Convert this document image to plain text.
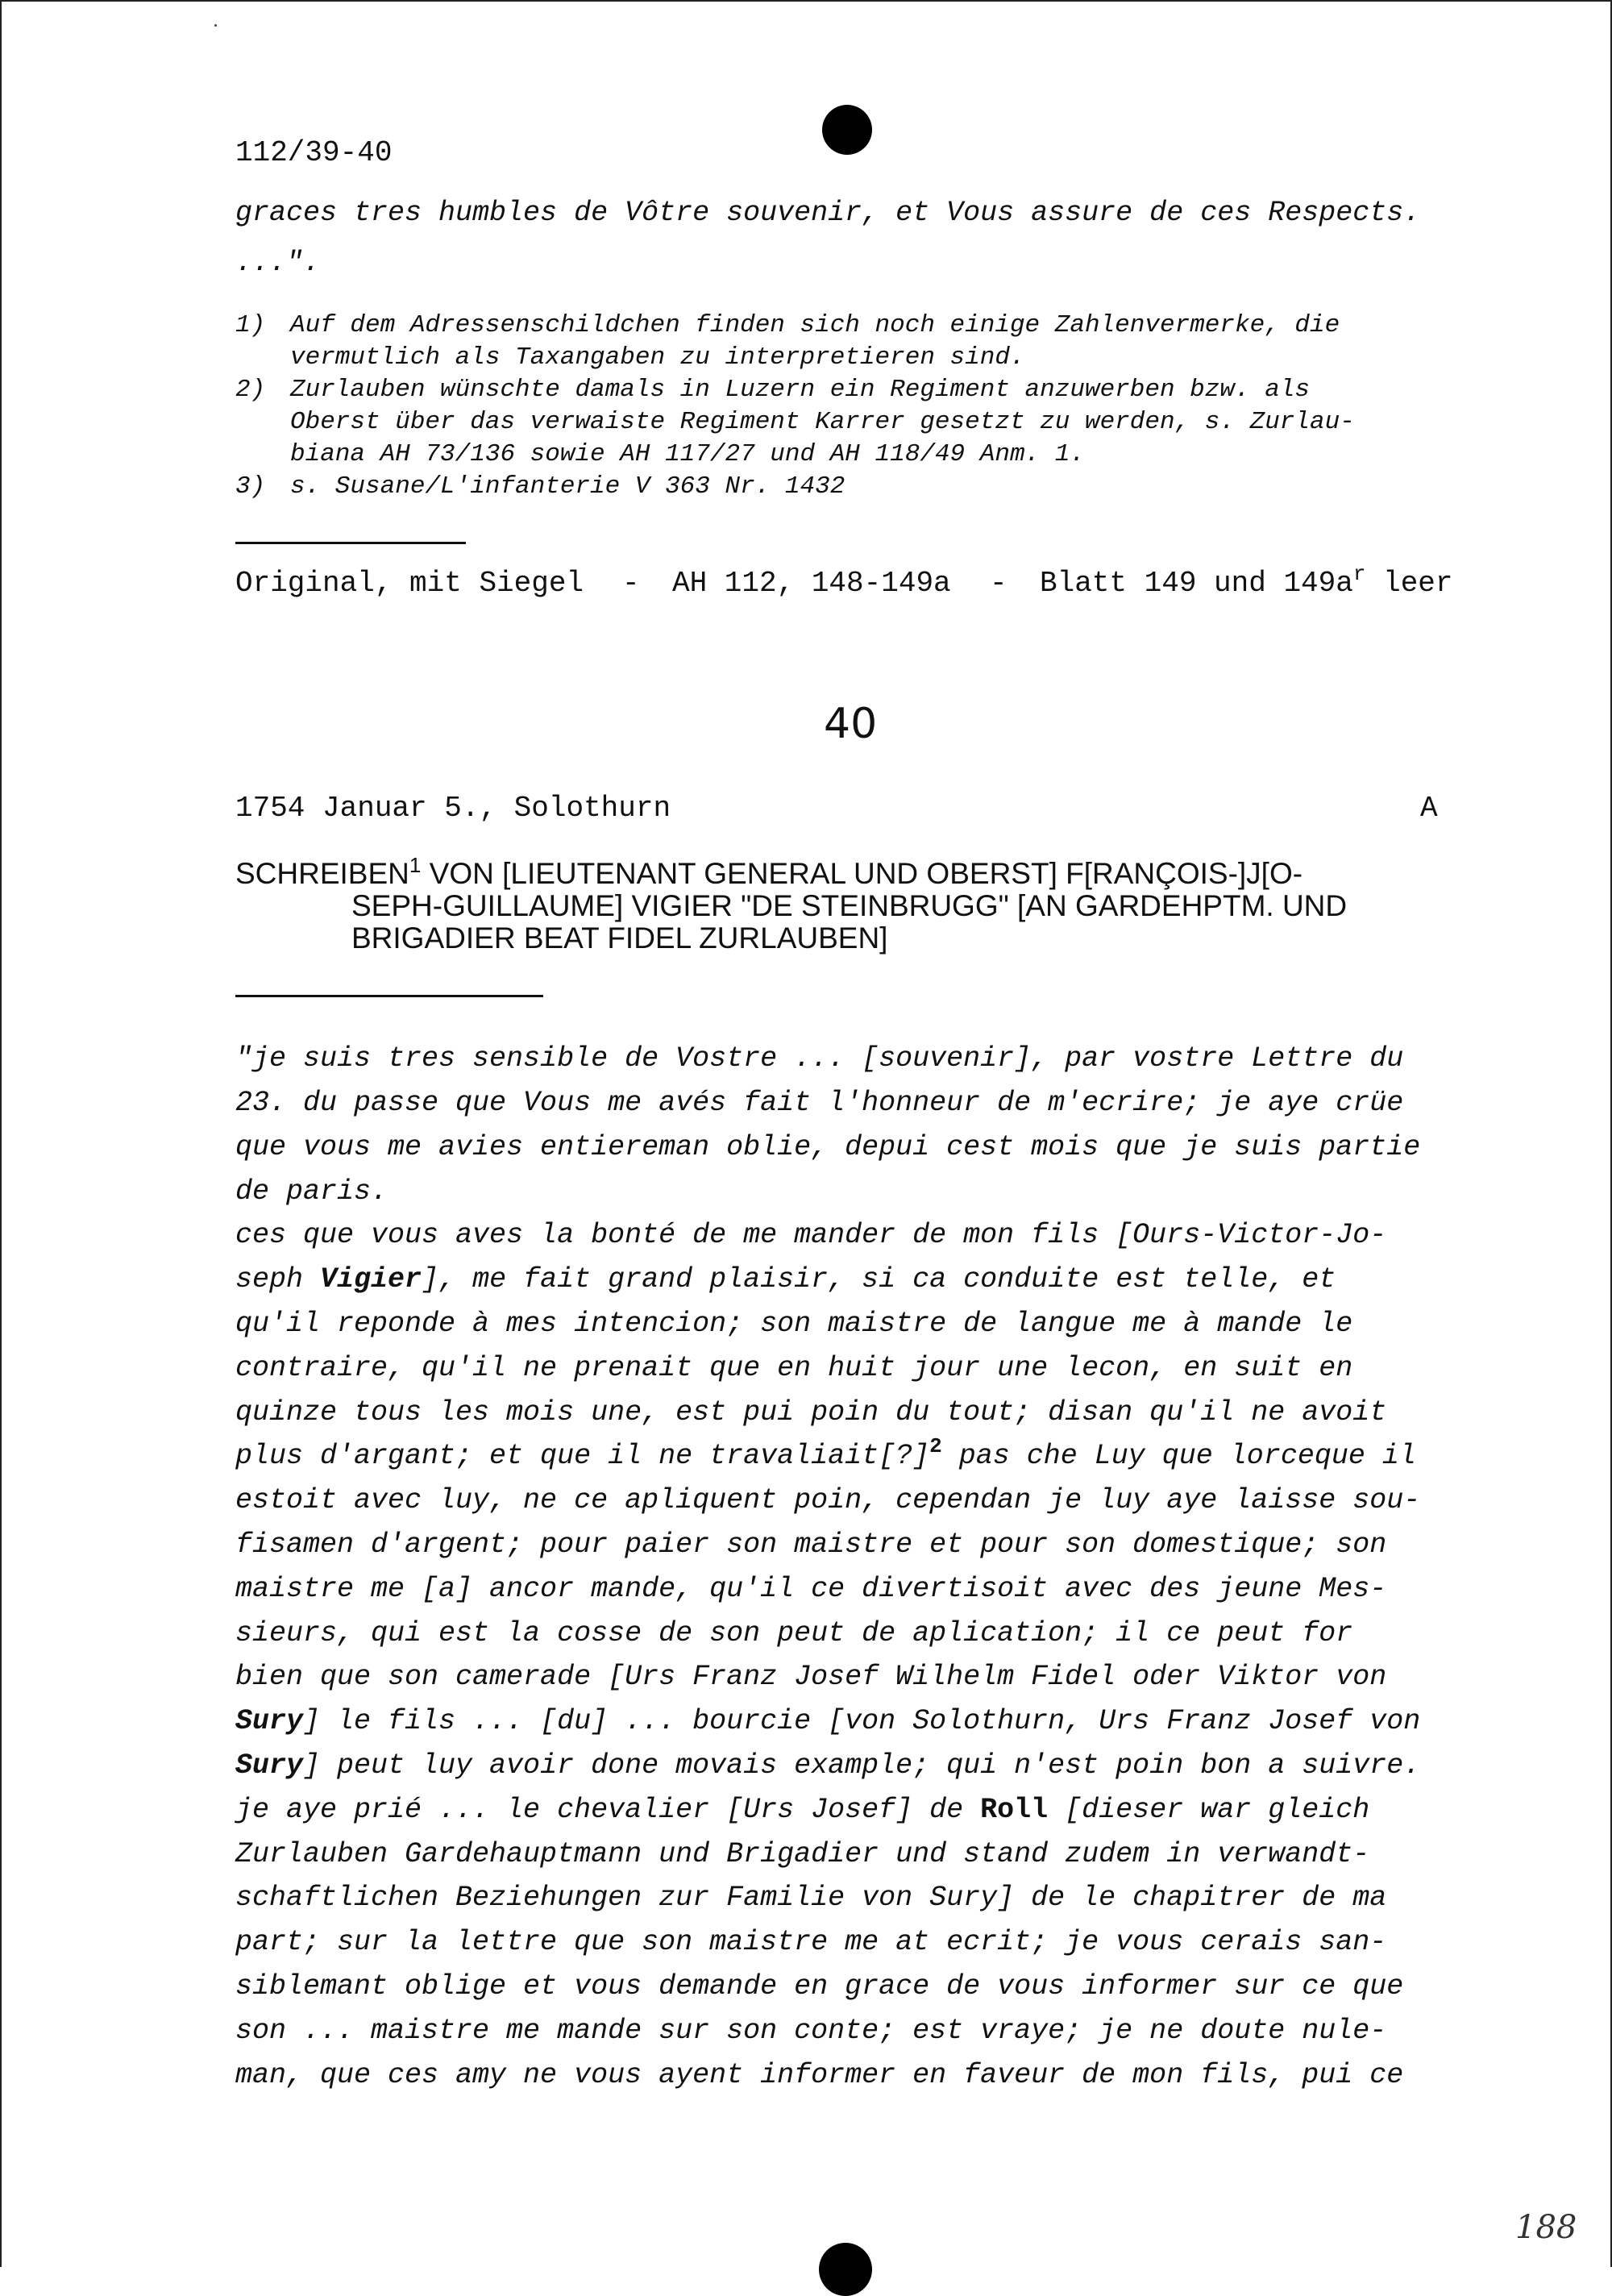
112/39-40
graces tres humbles de Vôtre souvenir, et Vous assure de ces Respects.
...".
1) Auf dem Adressenschildchen finden sich noch einige Zahlenvermerke, die
vermutlich als Taxangaben zu interpretieren sind.
2) Zurlauben wünschte damals in Luzern ein Regiment anzuwerben bzw. als
Oberst über das verwaiste Regiment Karrer gesetzt zu werden, s. Zurlau-
biana AH 73/136 sowie AH 117/27 und AH 118/49 Anm. 1.
3) s. Susane/L'infanterie V 363 Nr. 1432
Original, mit Siegel - AH 112, 148-149a - Blatt 149 und $149a^r$ leer
40
1754 Januar 5., Solothurn	A
SCHREIBEN$^1$ VON [LIEUTENANT GENERAL UND OBERST] F[RANÇOIS-]J[O-
SEPH-GUILLAUME] VIGIER "DE STEINBRUGG" [AN GARDEHPTM. UND
BRIGADIER BEAT FIDEL ZURLAUBEN]
"je suis tres sensible de Vostre ... [souvenir], par vostre Lettre du
23. du passe que Vous me avés fait l'honneur de m'ecrire; je aye crüe
que vous me avies entiereman oblie, depui cest mois que je suis partie
de paris.
ces que vous aves la bonté de me mander de mon fils [Ours-Victor-Jo-
seph Vigier], me fait grand plaisir, si ca conduite est telle, et
qu'il reponde à mes intencion; son maistre de langue me à mande le
contraire, qu'il ne prenait que en huit jour une lecon, en suit en
quinze tous les mois une, est pui poin du tout; disan qu'il ne avoit
plus d'argant; et que il ne travaliait[?]$^2$ pas che Luy que lorceque il
estoit avec luy, ne ce apliquent poin, cependan je luy aye laisse sou-
fisamen d'argent; pour paier son maistre et pour son domestique; son
maistre me [a] ancor mande, qu'il ce divertisoit avec des jeune Mes-
sieurs, qui est la cosse de son peut de aplication; il ce peut for
bien que son camerade [Urs Franz Josef Wilhelm Fidel oder Viktor von
Sury] le fils ... [du] ... bourcie [von Solothurn, Urs Franz Josef von
Sury] peut luy avoir done movais example; qui n'est poin bon a suivre.
je aye prié ... le chevalier [Urs Josef] de Roll [dieser war gleich
Zurlauben Gardehauptmann und Brigadier und stand zudem in verwandt-
schaftlichen Beziehungen zur Familie von Sury] de le chapitrer de ma
part; sur la lettre que son maistre me at ecrit; je vous cerais san-
siblemant oblige et vous demande en grace de vous informer sur ce que
son ... maistre me mande sur son conte; est vraye; je ne doute nule-
man, que ces amy ne vous ayent informer en faveur de mon fils, pui ce
188
